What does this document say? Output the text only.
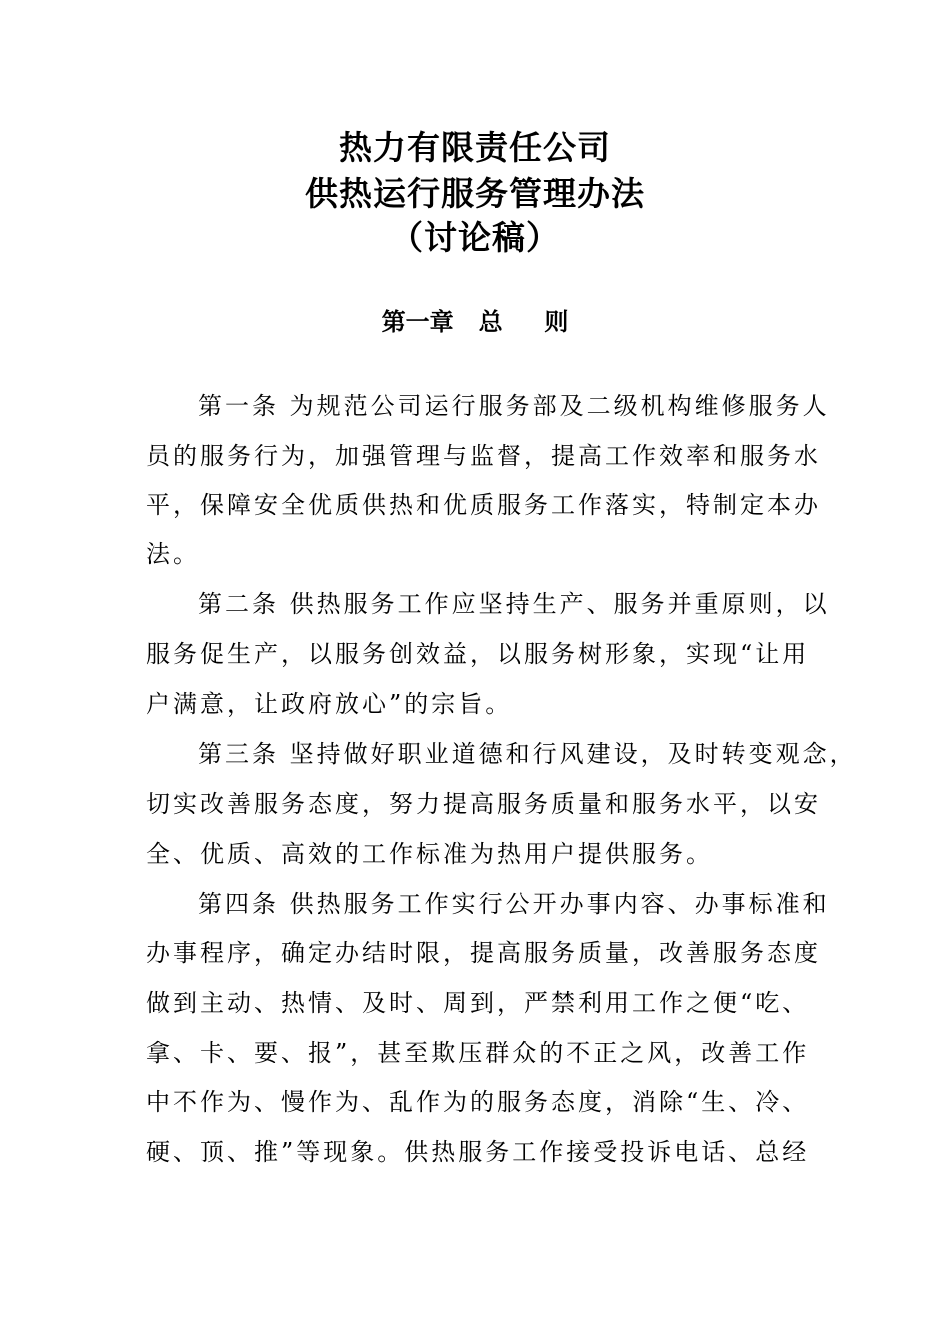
热力有限责任公司
供热运行服务管理办法
（讨论稿）
第一章   总     则
第一条 为规范公司运行服务部及二级机构维修服务人
员的服务行为，加强管理与监督，提高工作效率和服务水
平，保障安全优质供热和优质服务工作落实，特制定本办
法。
第二条 供热服务工作应坚持生产、服务并重原则，以
服务促生产，以服务创效益，以服务树形象，实现“让用
户满意，让政府放心”的宗旨。
第三条 坚持做好职业道德和行风建设，及时转变观念，
切实改善服务态度，努力提高服务质量和服务水平，以安
全、优质、高效的工作标准为热用户提供服务。
第四条 供热服务工作实行公开办事内容、办事标准和
办事程序，确定办结时限，提高服务质量，改善服务态度
做到主动、热情、及时、周到，严禁利用工作之便“吃、
拿、卡、要、报”，甚至欺压群众的不正之风，改善工作
中不作为、慢作为、乱作为的服务态度，消除“生、冷、
硬、顶、推”等现象。供热服务工作接受投诉电话、总经
